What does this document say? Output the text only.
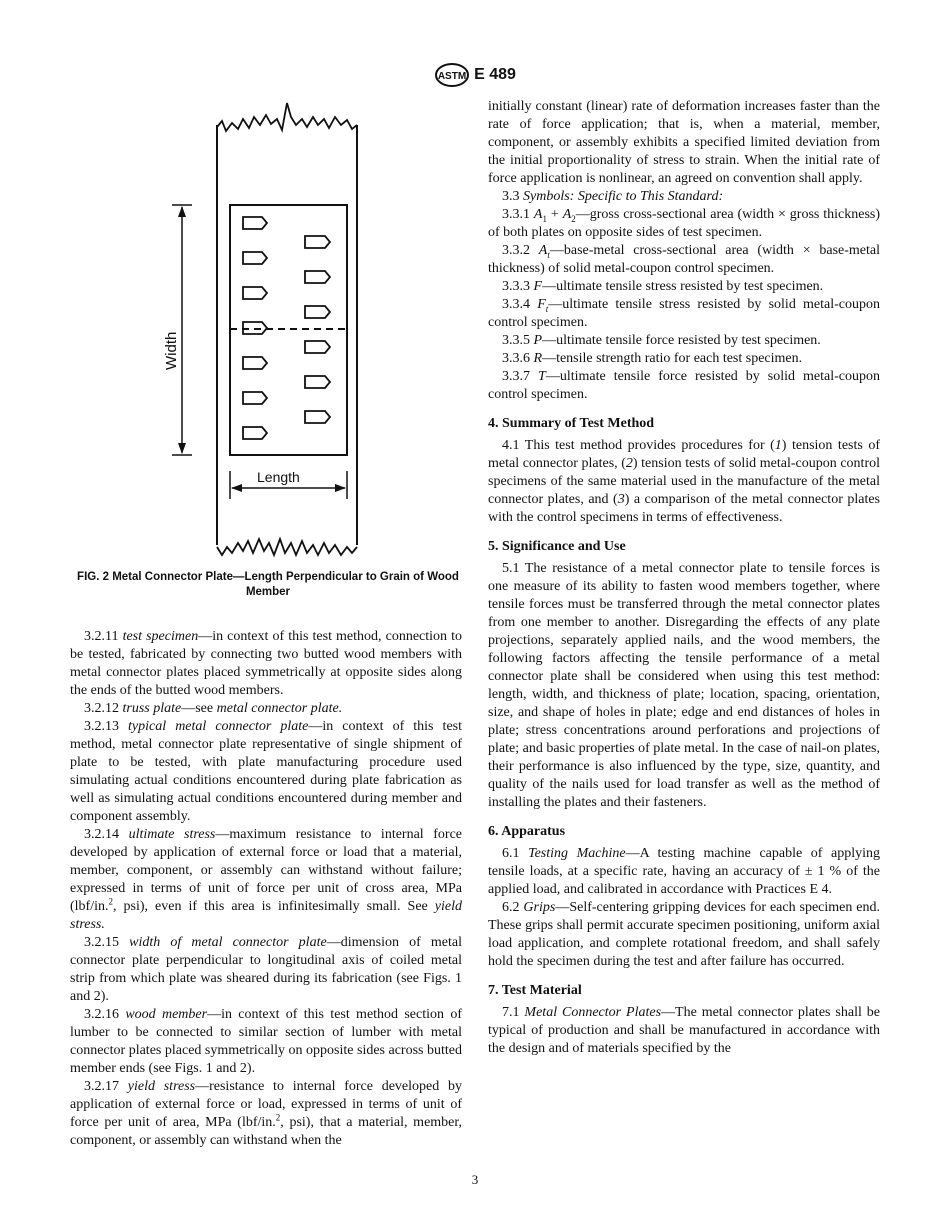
ASTM E 489
Width
Length
FIG. 2 Metal Connector Plate—Length Perpendicular to Grain of Wood Member

3.2.11 test specimen—in context of this test method, connection to be tested, fabricated by connecting two butted wood members with metal connector plates placed symmetrically at opposite sides along the ends of the butted wood members.

3.2.12 truss plate—see metal connector plate.

3.2.13 typical metal connector plate—in context of this test method, metal connector plate representative of single shipment of plate to be tested, with plate manufacturing procedure used simulating actual conditions encountered during plate fabrication as well as simulating actual conditions encountered during member and component assembly.

3.2.14 ultimate stress—maximum resistance to internal force developed by application of external force or load that a material, member, component, or assembly can withstand without failure; expressed in terms of unit of force per unit of cross area, MPa (lbf/in.$^2$, psi), even if this area is infinitesimally small. See yield stress.

3.2.15 width of metal connector plate—dimension of metal connector plate perpendicular to longitudinal axis of coiled metal strip from which plate was sheared during its fabrication (see Figs. 1 and 2).

3.2.16 wood member—in context of this test method section of lumber to be connected to similar section of lumber with metal connector plates placed symmetrically on opposite sides across butted member ends (see Figs. 1 and 2).

3.2.17 yield stress—resistance to internal force developed by application of external force or load, expressed in terms of unit of force per unit of area, MPa (lbf/in.$^2$, psi), that a material, member, component, or assembly can withstand when the

initially constant (linear) rate of deformation increases faster than the rate of force application; that is, when a material, member, component, or assembly exhibits a specified limited deviation from the initial proportionality of stress to strain. When the initial rate of force application is nonlinear, an agreed on convention shall apply.

3.3 Symbols: Specific to This Standard:

3.3.1 $A_1$ + $A_2—gross$ cross-sectional area (width × gross thickness) of both plates on opposite sides of test specimen.

3.3.2 $A_t—base$-metal cross-sectional area (width × base-metal thickness) of solid metal-coupon control specimen.

3.3.3 F—ultimate tensile stress resisted by test specimen.

3.3.4 $F_t—ultimate$ tensile stress resisted by solid metal-coupon control specimen.

3.3.5 P—ultimate tensile force resisted by test specimen.

3.3.6 R—tensile strength ratio for each test specimen.

3.3.7 T—ultimate tensile force resisted by solid metal-coupon control specimen.

4. Summary of Test Method

4.1 This test method provides procedures for (1) tension tests of metal connector plates, (2) tension tests of solid metal-coupon control specimens of the same material used in the manufacture of the metal connector plates, and (3) a comparison of the metal connector plates with the control specimens in terms of effectiveness.

5. Significance and Use

5.1 The resistance of a metal connector plate to tensile forces is one measure of its ability to fasten wood members together, where tensile forces must be transferred through the metal connector plates from one member to another. Disregarding the effects of any plate projections, separately applied nails, and the wood members, the following factors affecting the tensile performance of a metal connector plate shall be considered when using this test method: length, width, and thickness of plate; location, spacing, orientation, size, and shape of holes in plate; edge and end distances of holes in plate; stress concentrations around perforations and projections of plate; and basic properties of plate metal. In the case of nail-on plates, their performance is also influenced by the type, size, quantity, and quality of the nails used for load transfer as well as the method of installing the plates and their fasteners.

6. Apparatus

6.1 Testing Machine—A testing machine capable of applying tensile loads, at a specific rate, having an accuracy of ± 1 % of the applied load, and calibrated in accordance with Practices E 4.

6.2 Grips—Self-centering gripping devices for each specimen end. These grips shall permit accurate specimen positioning, uniform axial load application, and complete rotational freedom, and shall safely hold the specimen during the test and after failure has occurred.

7. Test Material

7.1 Metal Connector Plates—The metal connector plates shall be typical of production and shall be manufactured in accordance with the design and of materials specified by the

3
